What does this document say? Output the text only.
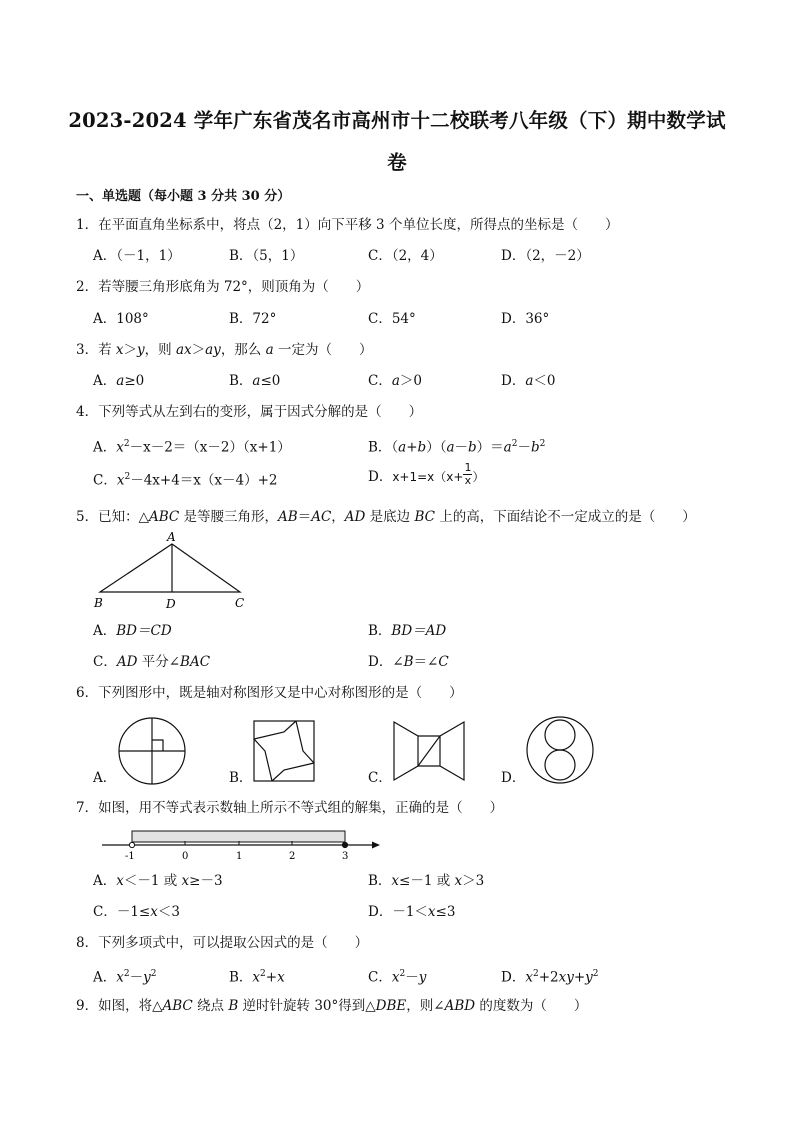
2023-2024 学年广东省茂名市高州市十二校联考八年级（下）期中数学试
卷
一、单选题（每小题 3 分共 30 分）
1．在平面直角坐标系中，将点（2，1）向下平移 3 个单位长度，所得点的坐标是（　　）
A．（－1，1）	B．（5，1）	C．（2，4）	D．（2，－2）
2．若等腰三角形底角为 72°，则顶角为（　　）
A．108°	B．72°	C．54°	D．36°
3．若 x＞y，则 ax＞ay，那么 a 一定为（　　）
A．a≥0	B．a≤0	C．a＞0	D．a＜0
4．下列等式从左到右的变形，属于因式分解的是（　　）
A．$x^2-x-2=(x-2)(x+1)$	B．$(a+b)(a-b)=a^2-b^2$
C．$x^2-4x+4=x(x-4)+2$	D．$x+1=x(x+ \frac{1}{x}$ ）
5．已知：△ABC 是等腰三角形，AB＝AC，AD 是底边 BC 上的高，下面结论不一定成立的是（　　）
A
B	D	C
A．BD＝CD	B．BD＝AD
C．AD 平分∠BAC	D．∠B＝∠C
6．下列图形中，既是轴对称图形又是中心对称图形的是（　　）
A．	B．	C．	D．
7．如图，用不等式表示数轴上所示不等式组的解集，正确的是（　　）
-1	0	1	2	3
A．x＜－1 或 x≥－3	B．x≤－1 或 x＞3
C．－1≤x＜3	D．－1＜x≤3
8．下列多项式中，可以提取公因式的是（　　）
A．$x^2-y^2$	B．$x^2+x$	C．$x^2-y$	D．$x^2+2xy+y^2$
9．如图，将△ABC 绕点 B 逆时针旋转 30°得到△DBE，则∠ABD 的度数为（　　）
